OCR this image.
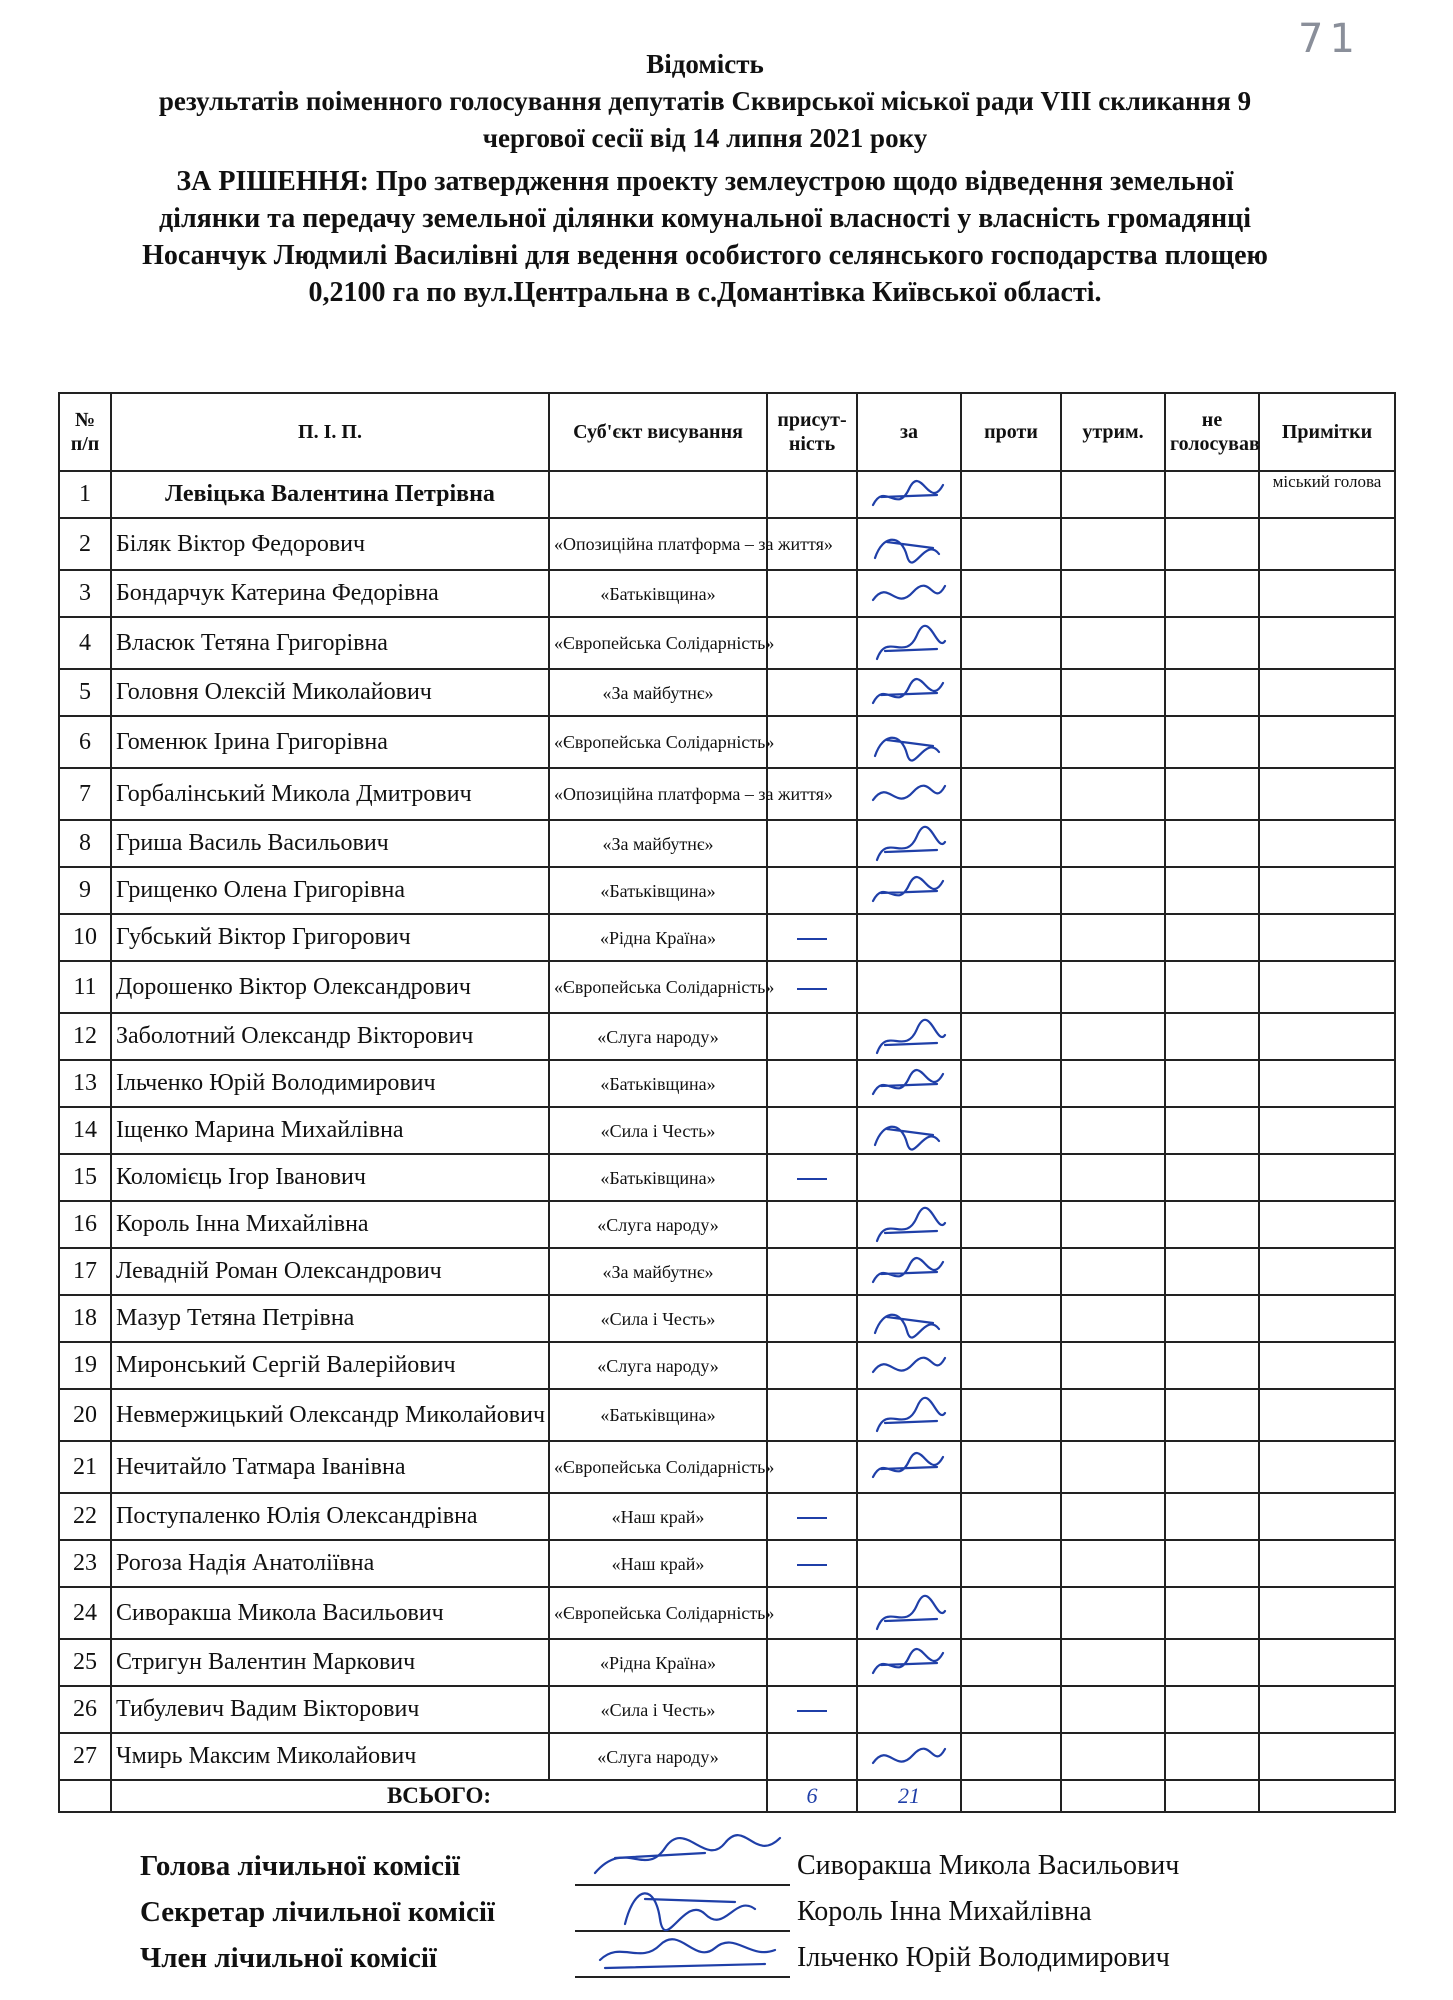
71
Відомість
результатів поіменного голосування депутатів Сквирської міської ради VIII скликання 9
чергової сесії від 14 липня 2021 року
ЗА РІШЕННЯ: Про затвердження проекту землеустрою щодо відведення земельної
ділянки та передачу земельної ділянки комунальної власності у власність громадянці
Носанчук Людмилі Василівні для ведення особистого селянського господарства площею
0,2100 га по вул.Центральна в с.Домантівка Київської області.
№ п/п	П. І. П.	Суб'єкт висування	присут-ність	за	проти	утрим.	не голосував	Примітки
1	Левіцька Валентина Петрівна							міський голова
2	Біляк Віктор Федорович	«Опозиційна платформа – за життя»		

3	Бондарчук Катерина Федорівна	«Батьківщина»		

4	Власюк Тетяна Григорівна	«Європейська Солідарність»		

5	Головня Олексій Миколайович	«За майбутнє»		

6	Гоменюк Ірина Григорівна	«Європейська Солідарність»		

7	Горбалінський Микола Дмитрович	«Опозиційна платформа – за життя»		

8	Гриша Василь Васильович	«За майбутнє»		

9	Грищенко Олена Григорівна	«Батьківщина»		

10	Губський Віктор Григорович	«Рідна Країна»						
11	Дорошенко Віктор Олександрович	«Європейська Солідарність»						
12	Заболотний Олександр Вікторович	«Слуга народу»		

13	Ільченко Юрій Володимирович	«Батьківщина»		

14	Іщенко Марина Михайлівна	«Сила і Честь»		

15	Коломієць Ігор Іванович	«Батьківщина»						
16	Король Інна Михайлівна	«Слуга народу»		

17	Левадній Роман Олександрович	«За майбутнє»		

18	Мазур Тетяна Петрівна	«Сила і Честь»		

19	Миронський Сергій Валерійович	«Слуга народу»		

20	Невмержицький Олександр Миколайович	«Батьківщина»		

21	Нечитайло Татмара Іванівна	«Європейська Солідарність»		

22	Поступаленко Юлія Олександрівна	«Наш край»						
23	Рогоза Надія Анатоліївна	«Наш край»						
24	Сиворакша Микола Васильович	«Європейська Солідарність»		

25	Стригун Валентин Маркович	«Рідна Країна»		

26	Тибулевич Вадим Вікторович	«Сила і Честь»						
27	Чмирь Максим Миколайович	«Слуга народу»		

	ВСЬОГО:		6	21				
Голова лічильної комісії	Сиворакша Микола Васильович
Секретар лічильної комісії	Король Інна Михайлівна
Член лічильної комісії	Ільченко Юрій Володимирович
